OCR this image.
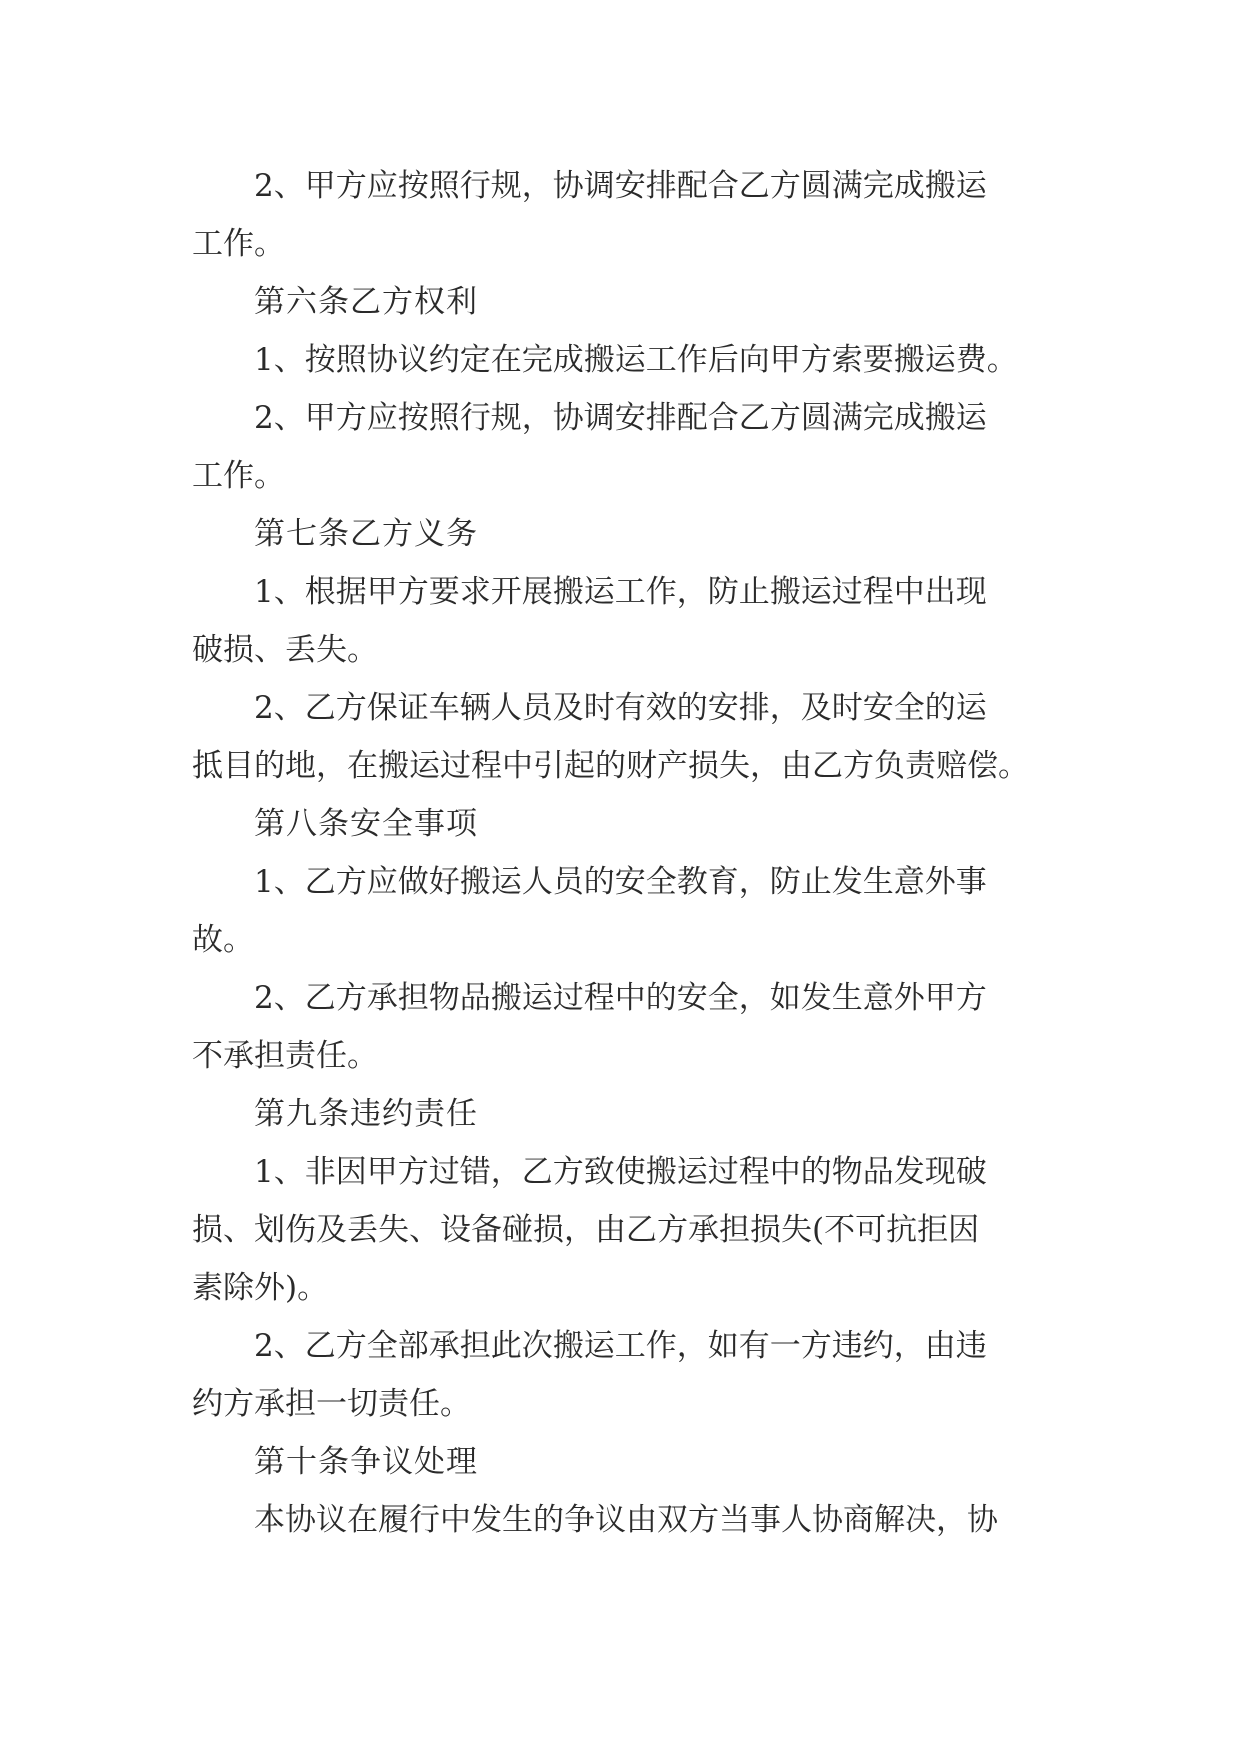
2、甲方应按照行规，协调安排配合乙方圆满完成搬运

工作。

第六条乙方权利

1、按照协议约定在完成搬运工作后向甲方索要搬运费。

2、甲方应按照行规，协调安排配合乙方圆满完成搬运

工作。

第七条乙方义务

1、根据甲方要求开展搬运工作，防止搬运过程中出现

破损、丢失。

2、乙方保证车辆人员及时有效的安排，及时安全的运

抵目的地，在搬运过程中引起的财产损失，由乙方负责赔偿。

第八条安全事项

1、乙方应做好搬运人员的安全教育，防止发生意外事

故。

2、乙方承担物品搬运过程中的安全，如发生意外甲方

不承担责任。

第九条违约责任

1、非因甲方过错，乙方致使搬运过程中的物品发现破

损、划伤及丢失、设备碰损，由乙方承担损失(不可抗拒因

素除外)。

2、乙方全部承担此次搬运工作，如有一方违约，由违

约方承担一切责任。

第十条争议处理

本协议在履行中发生的争议由双方当事人协商解决，协
